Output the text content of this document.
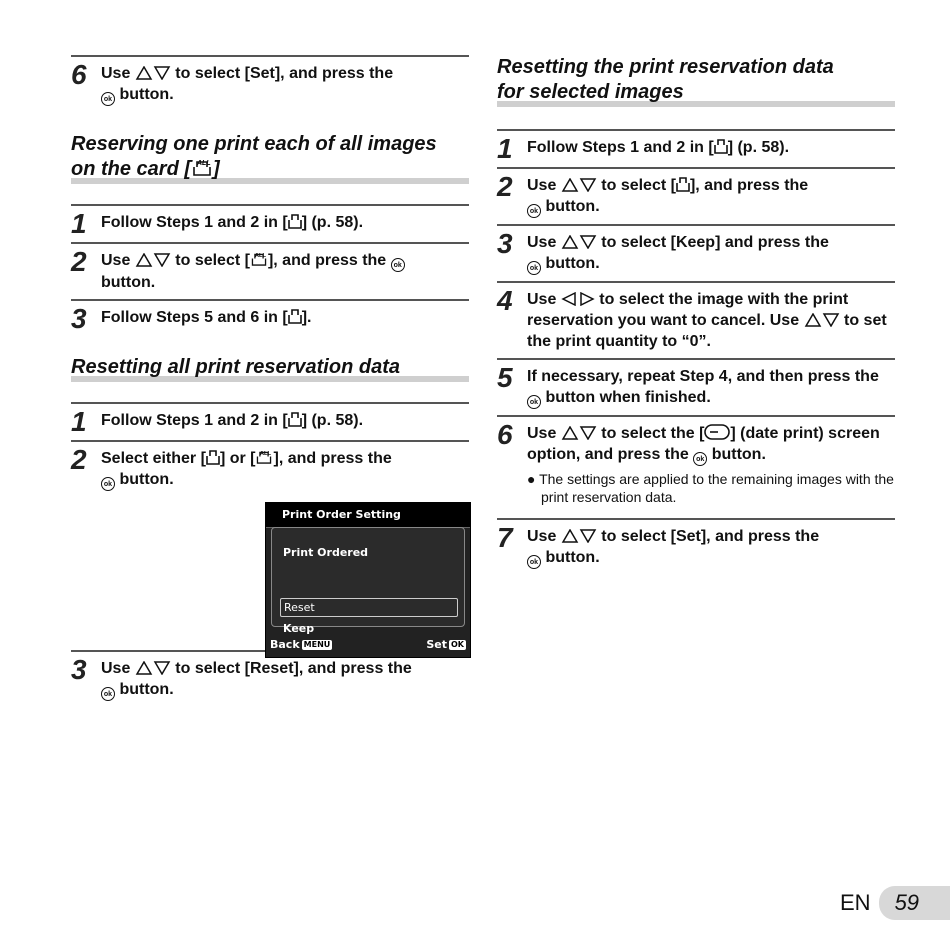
6 Use	to select [Set], and press the
ok button.
Reserving one print each of all images
on the card [ ALL ]
1 Follow Steps 1 and 2 in [ ] (p. 58).
2 Use	to select [ ALL ], and press the ok
button.
3 Follow Steps 5 and 6 in [ ].
Resetting all print reservation data
1 Follow Steps 1 and 2 in [ ] (p. 58).
2 Select either [ ] or [ ALL ], and press the
ok button.
Print Order Setting
Print Ordered
Reset
Keep
Back MENU	Set OK
3 Use	to select [Reset], and press the
ok button.
Resetting the print reservation data
for selected images
1 Follow Steps 1 and 2 in [ ] (p. 58).
2 Use	to select [ ], and press the
ok button.
3 Use	to select [Keep] and press the
ok button.
4 Use	to select the image with the print reservation you want to cancel. Use	to set the print quantity to “0”.
5 If necessary, repeat Step 4, and then press the ok button when finished.
6 Use	to select the [ ] (date print) screen option, and press the ok button.
● The settings are applied to the remaining images with the print reservation data.
7 Use	to select [Set], and press the
ok button.
EN	59
